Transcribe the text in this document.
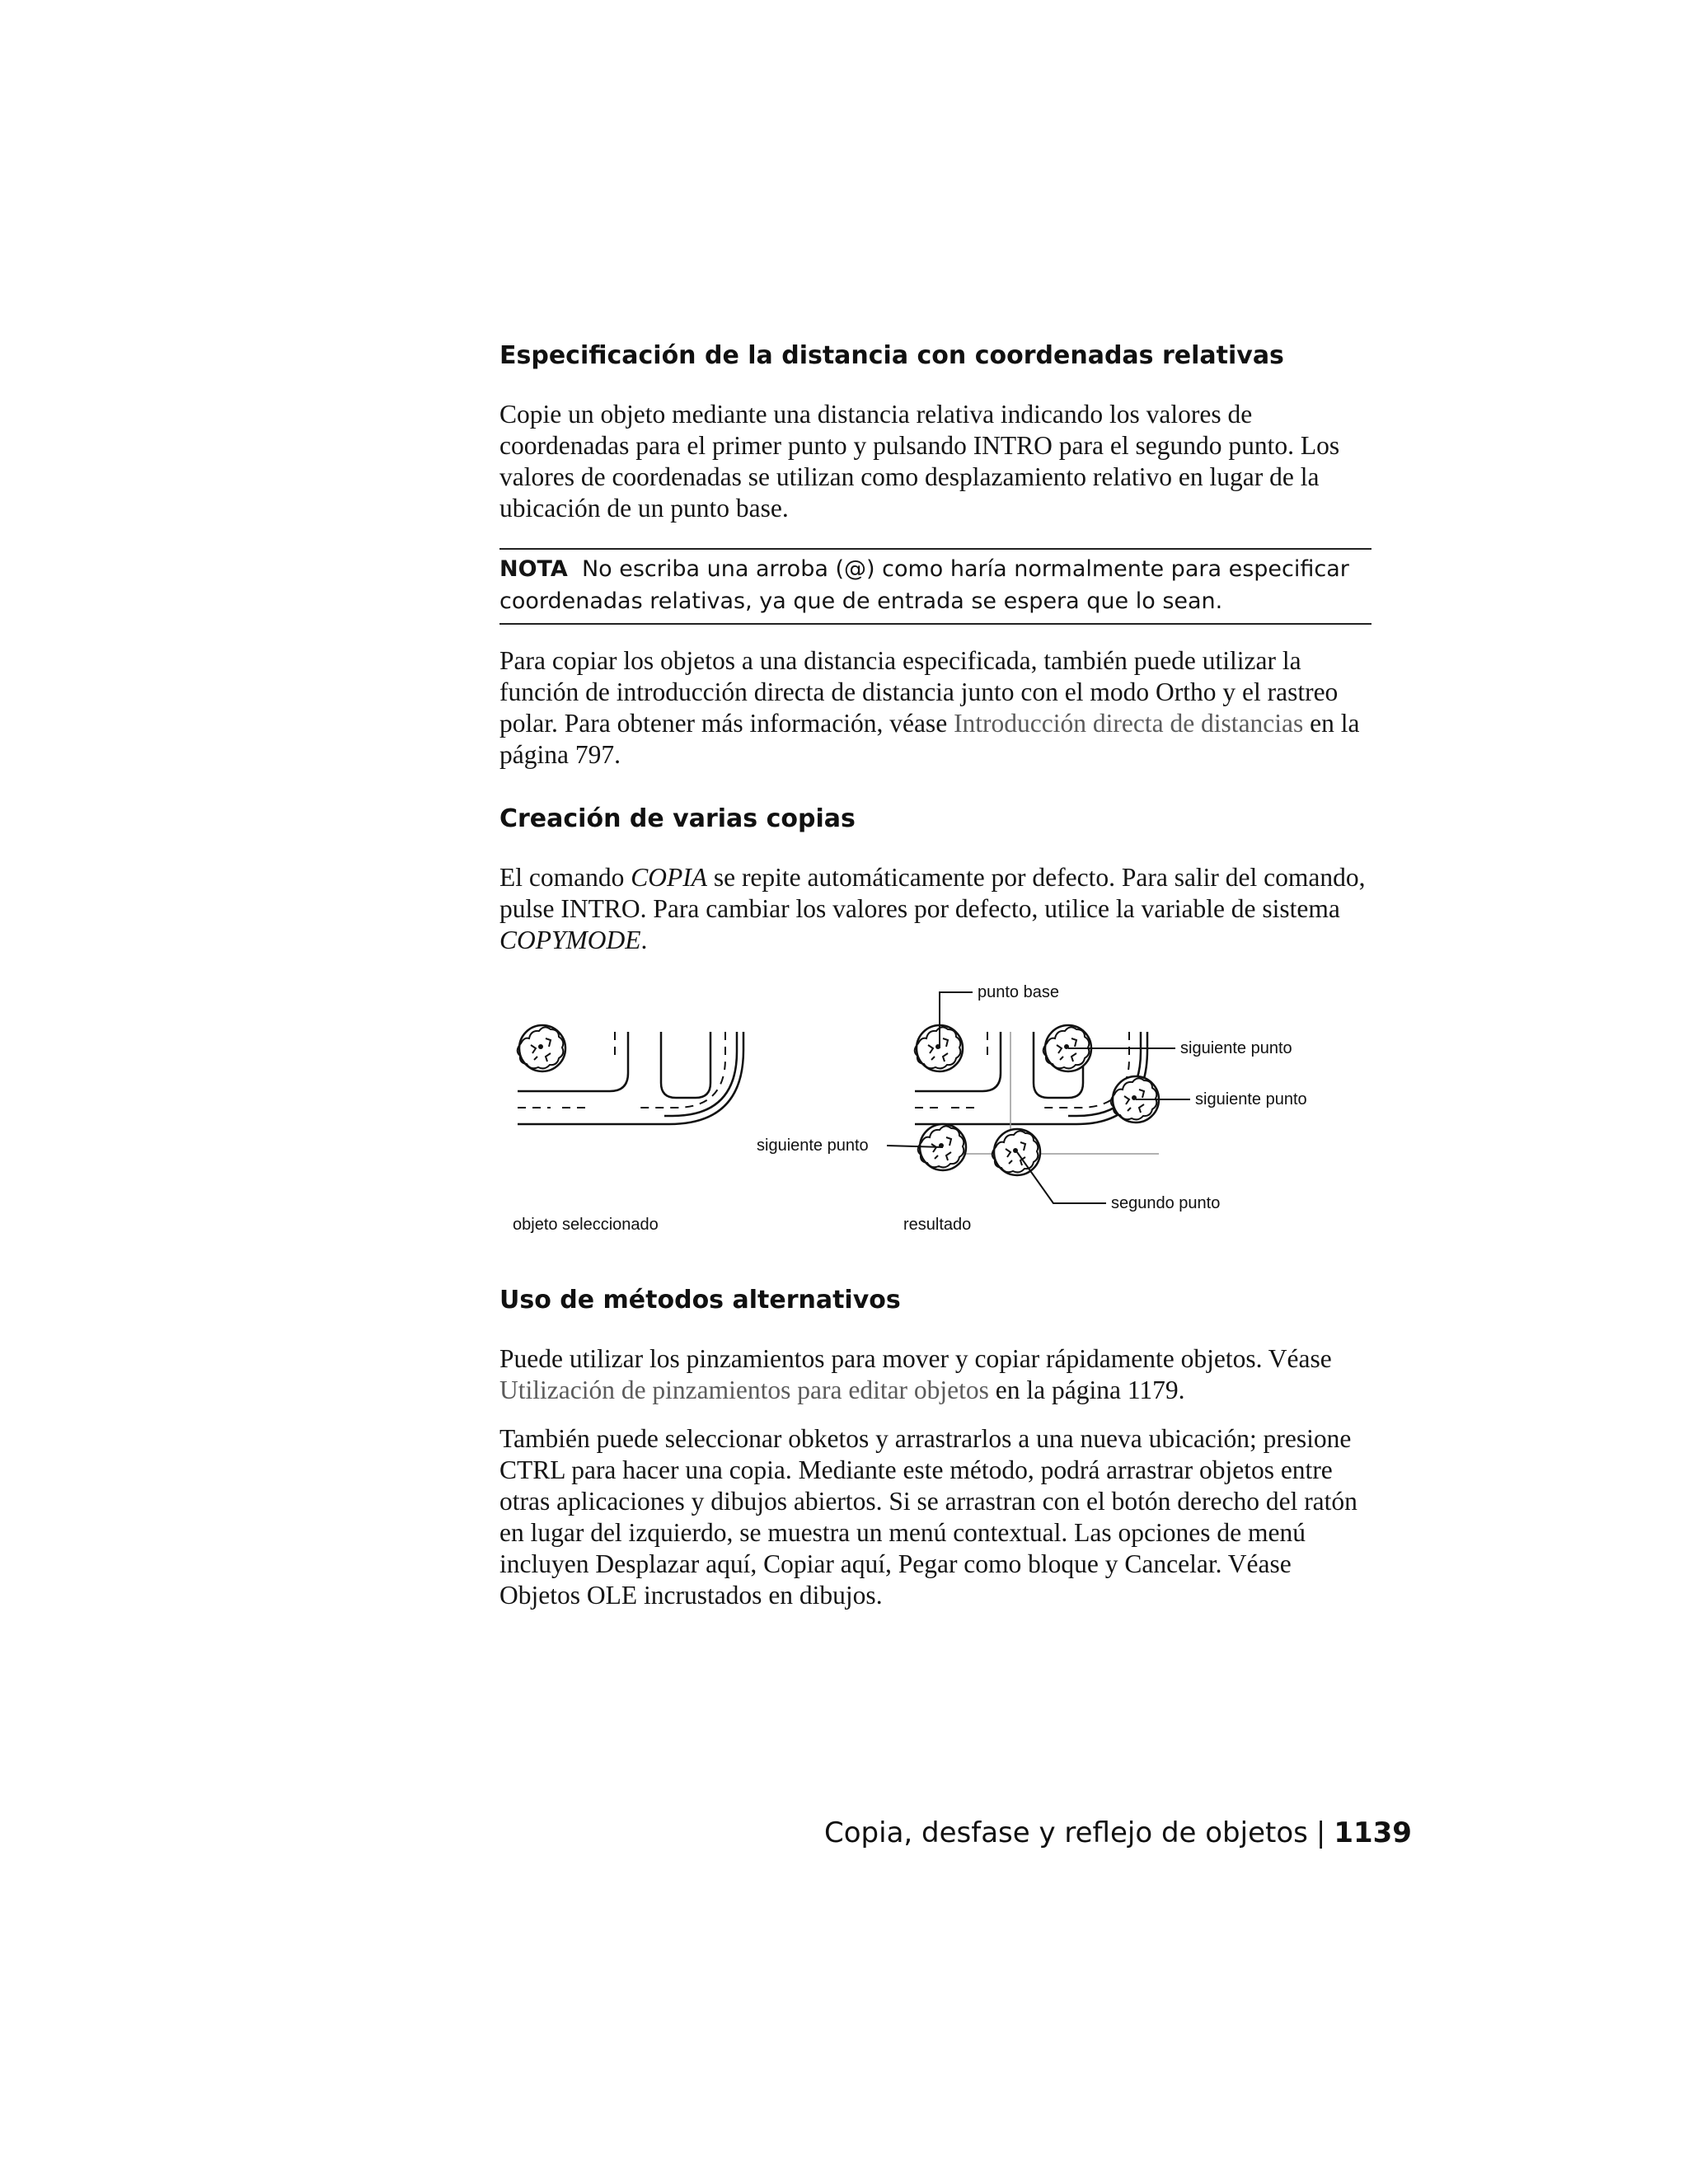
Especificación de la distancia con coordenadas relativas

Copie un objeto mediante una distancia relativa indicando los valores de coordenadas para el primer punto y pulsando INTRO para el segundo punto. Los valores de coordenadas se utilizan como desplazamiento relativo en lugar de la ubicación de un punto base.

NOTA No escriba una arroba (@) como haría normalmente para especificar coordenadas relativas, ya que de entrada se espera que lo sean.

Para copiar los objetos a una distancia especificada, también puede utilizar la función de introducción directa de distancia junto con el modo Ortho y el rastreo polar. Para obtener más información, véase Introducción directa de distancias en la página 797.

Creación de varias copias

El comando COPIA se repite automáticamente por defecto. Para salir del comando, pulse INTRO. Para cambiar los valores por defecto, utilice la variable de sistema COPYMODE.

objeto seleccionado	resultado
punto base
siguiente punto
siguiente punto
siguiente punto
segundo punto
Uso de métodos alternativos

Puede utilizar los pinzamientos para mover y copiar rápidamente objetos. Véase Utilización de pinzamientos para editar objetos en la página 1179.

También puede seleccionar obketos y arrastrarlos a una nueva ubicación; presione CTRL para hacer una copia. Mediante este método, podrá arrastrar objetos entre otras aplicaciones y dibujos abiertos. Si se arrastran con el botón derecho del ratón en lugar del izquierdo, se muestra un menú contextual. Las opciones de menú incluyen Desplazar aquí, Copiar aquí, Pegar como bloque y Cancelar. Véase Objetos OLE incrustados en dibujos.

Copia, desfase y reflejo de objetos | 1139
